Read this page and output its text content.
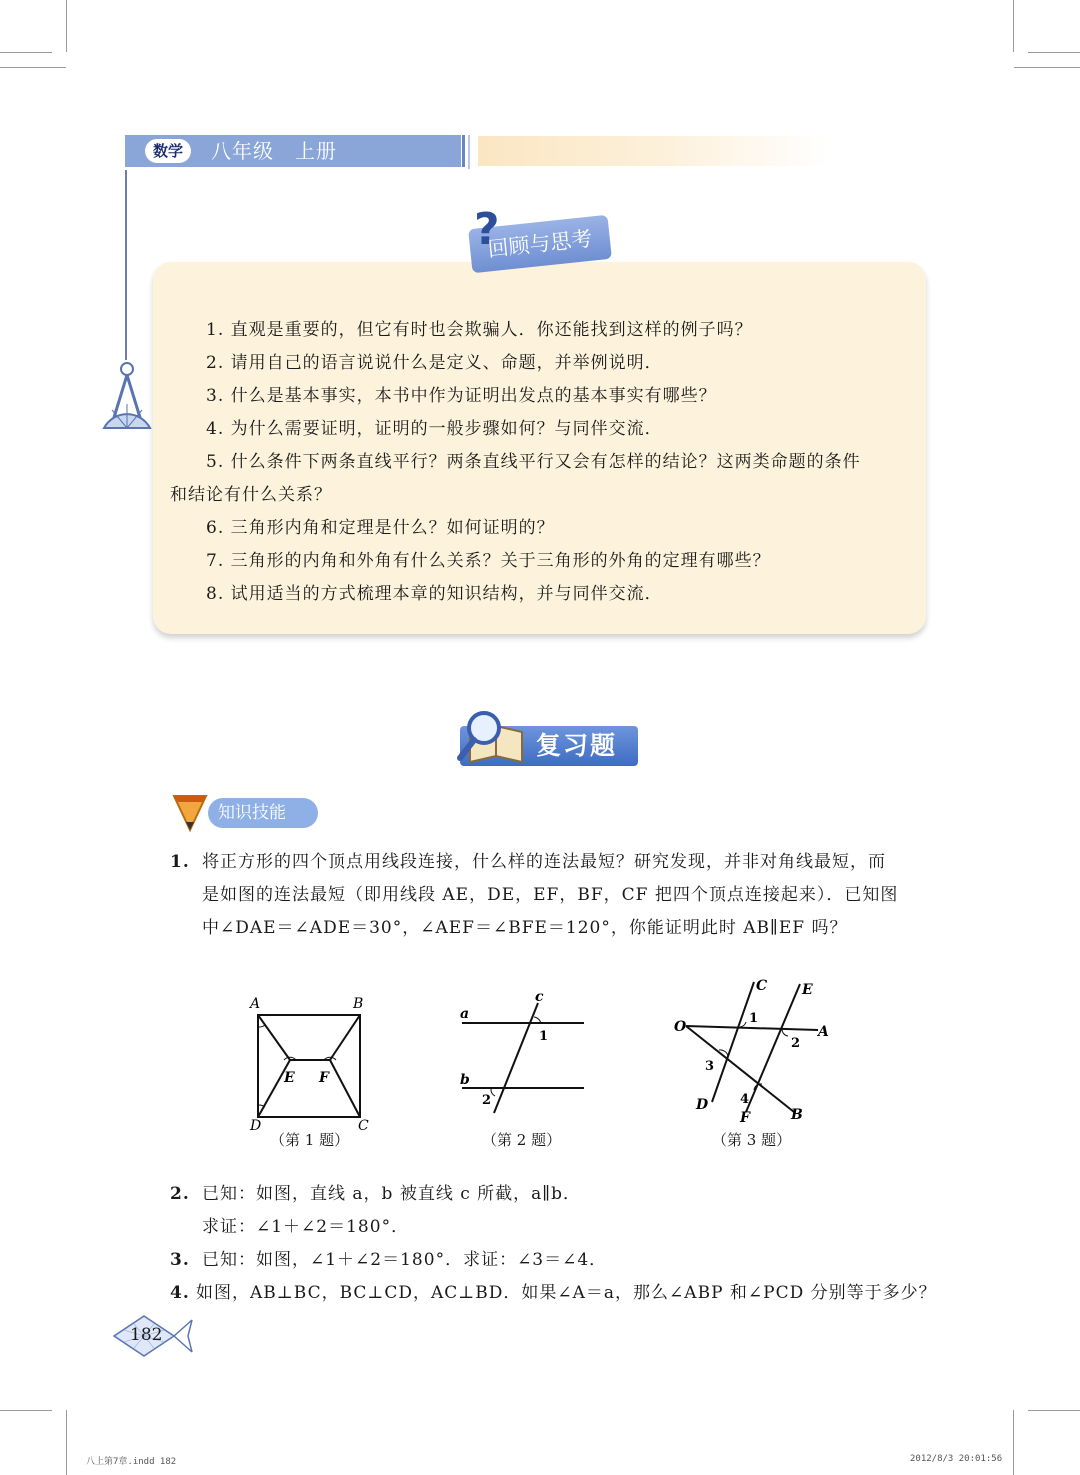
数学	八年级　上册
回顾与思考
?
1. 直观是重要的，但它有时也会欺骗人．你还能找到这样的例子吗？
2. 请用自己的语言说说什么是定义、命题，并举例说明．
3. 什么是基本事实，本书中作为证明出发点的基本事实有哪些？
4. 为什么需要证明，证明的一般步骤如何？与同伴交流．
5. 什么条件下两条直线平行？两条直线平行又会有怎样的结论？这两类命题的条件
和结论有什么关系？
6. 三角形内角和定理是什么？如何证明的？
7. 三角形的内角和外角有什么关系？关于三角形的外角的定理有哪些？
8. 试用适当的方式梳理本章的知识结构，并与同伴交流．
复习题
知识技能
1. 将正方形的四个顶点用线段连接，什么样的连法最短？研究发现，并非对角线最短，而
是如图的连法最短（即用线段 AE，DE，EF，BF，CF 把四个顶点连接起来）．已知图
中∠DAE＝∠ADE＝30°，∠AEF＝∠BFE＝120°，你能证明此时 AB∥EF 吗？
A	B
C
D
E F
（第 1 题）
a
b
c
1
2
（第 2 题）
O	A
B
C
D
E
F
1
2
3
4
（第 3 题）
2. 已知：如图，直线 a，b 被直线 c 所截，a∥b．
求证：∠1＋∠2＝180°．
3. 已知：如图，∠1＋∠2＝180°．求证：∠3＝∠4．
4. 如图，AB⊥BC，BC⊥CD，AC⊥BD．如果∠A＝a，那么∠ABP 和∠PCD 分别等于多少？
182
八上第7章.indd 182	2012/8/3 20:01:56
